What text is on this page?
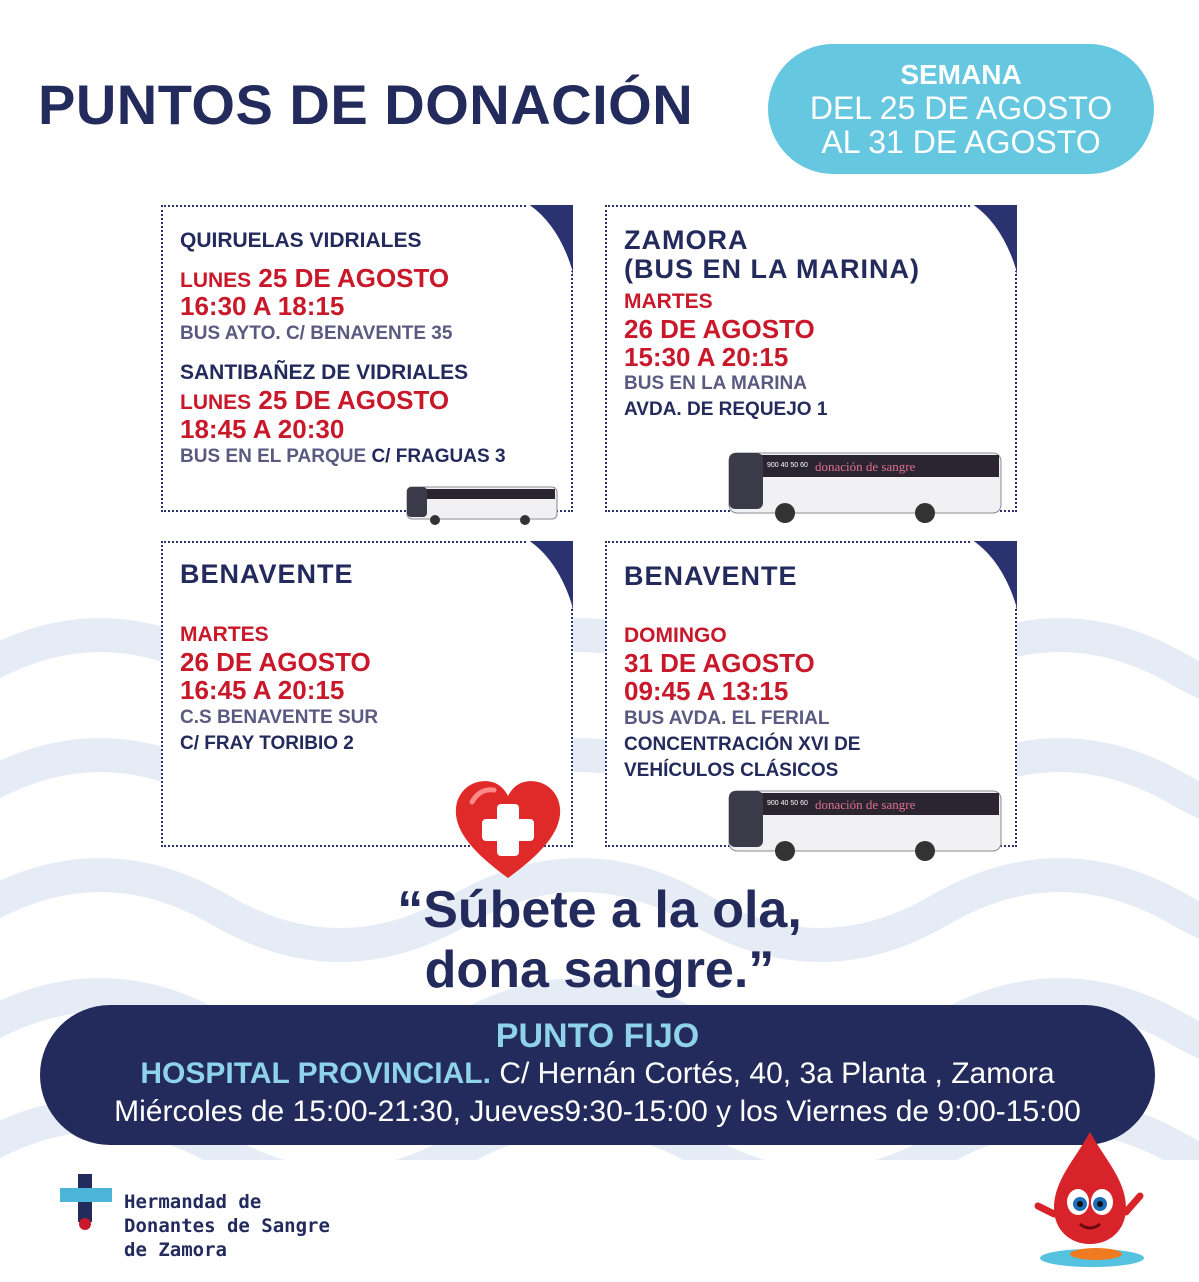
PUNTOS DE DONACIÓN	SEMANA
DEL 25 DE AGOSTO
AL 31 DE AGOSTO
QUIRUELAS VIDRIALES
LUNES 25 DE AGOSTO
16:30 A 18:15
BUS AYTO. C/ BENAVENTE 35
SANTIBAÑEZ DE VIDRIALES
LUNES 25 DE AGOSTO
18:45 A 20:30
BUS EN EL PARQUE C/ FRAGUAS 3
ZAMORA
(BUS EN LA MARINA)
MARTES
26 DE AGOSTO
15:30 A 20:15
BUS EN LA MARINA
AVDA. DE REQUEJO 1
donación de sangre
900 40 50 60
BENAVENTE
MARTES
26 DE AGOSTO
16:45 A 20:15
C.S BENAVENTE SUR
C/ FRAY TORIBIO 2
BENAVENTE
DOMINGO
31 DE AGOSTO
09:45 A 13:15
BUS AVDA. EL FERIAL
CONCENTRACIÓN XVI DE
VEHÍCULOS CLÁSICOS
donación de sangre
900 40 50 60
“Súbete a la ola,
dona sangre.”
PUNTO FIJO
HOSPITAL PROVINCIAL. C/ Hernán Cortés, 40, 3a Planta , Zamora
Miércoles de 15:00-21:30, Jueves9:30-15:00 y los Viernes de 9:00-15:00
Hermandad de
Donantes de Sangre
de Zamora
